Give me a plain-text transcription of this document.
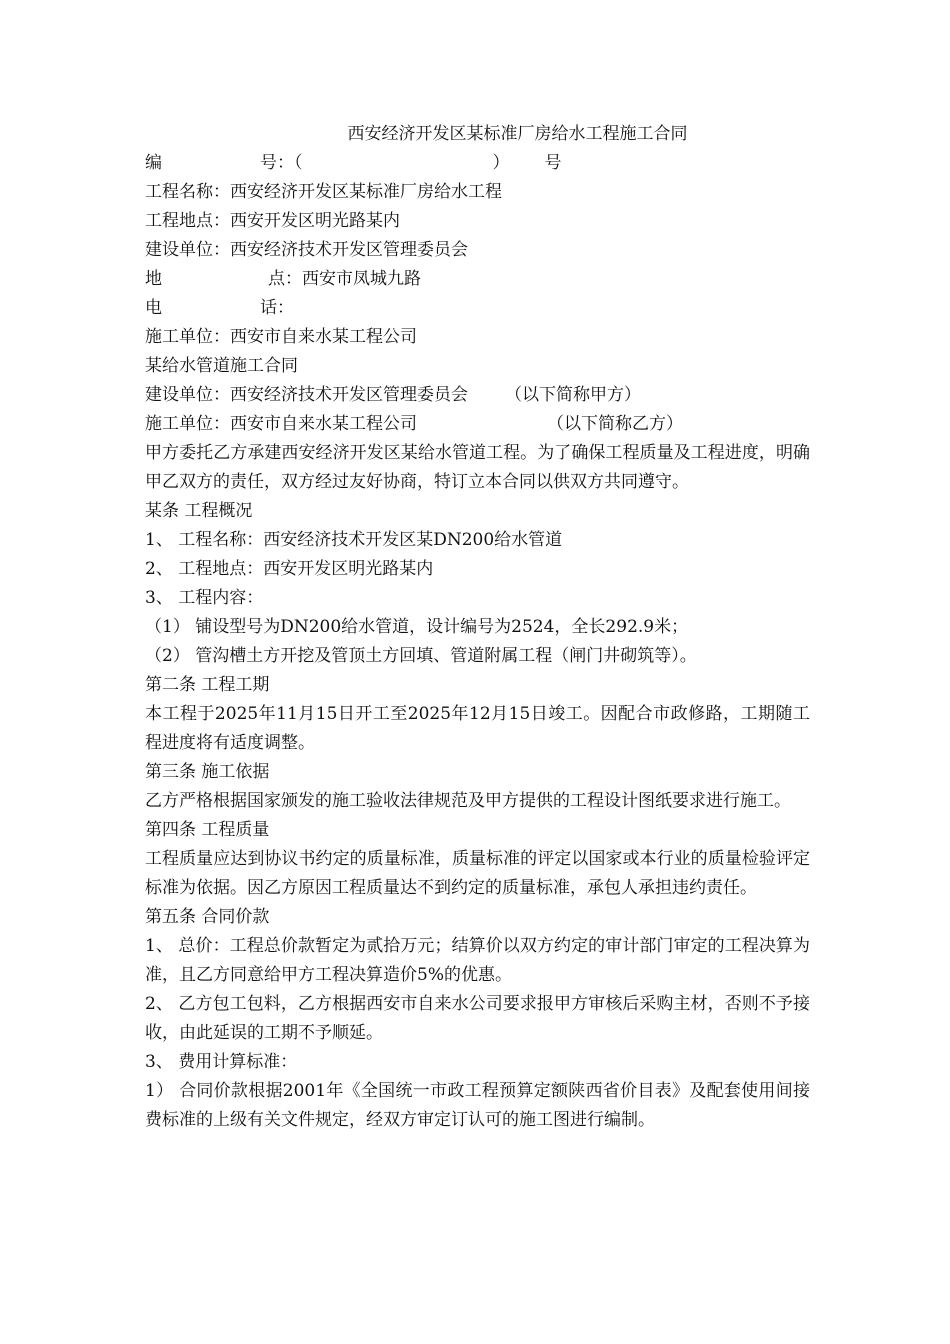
西安经济开发区某标准厂房给水工程施工合同
编	号：（	） 号
工程名称：西安经济开发区某标准厂房给水工程
工程地点：西安开发区明光路某内
建设单位：西安经济技术开发区管理委员会
地	点：西安市凤城九路
电	话：
施工单位：西安市自来水某工程公司
某给水管道施工合同
建设单位：西安经济技术开发区管理委员会 （以下简称甲方）
施工单位：西安市自来水某工程公司	（以下简称乙方）
甲方委托乙方承建西安经济开发区某给水管道工程。为了确保工程质量及工程进度，明确甲乙双方的责任，双方经过友好协商，特订立本合同以供双方共同遵守。
某条 工程概况
1、 工程名称：西安经济技术开发区某DN200给水管道
2、 工程地点：西安开发区明光路某内
3、 工程内容：
（1） 铺设型号为DN200给水管道，设计编号为2524，全长292.9米；
（2） 管沟槽土方开挖及管顶土方回填、管道附属工程（闸门井砌筑等）。
第二条 工程工期
本工程于2025年11月15日开工至2025年12月15日竣工。因配合市政修路，工期随工程进度将有适度调整。
第三条 施工依据
乙方严格根据国家颁发的施工验收法律规范及甲方提供的工程设计图纸要求进行施工。
第四条 工程质量
工程质量应达到协议书约定的质量标准，质量标准的评定以国家或本行业的质量检验评定标准为依据。因乙方原因工程质量达不到约定的质量标准，承包人承担违约责任。
第五条 合同价款
1、 总价：工程总价款暂定为贰拾万元；结算价以双方约定的审计部门审定的工程决算为准，且乙方同意给甲方工程决算造价5%的优惠。
2、 乙方包工包料，乙方根据西安市自来水公司要求报甲方审核后采购主材，否则不予接收，由此延误的工期不予顺延。
3、 费用计算标准：
1） 合同价款根据2001年《全国统一市政工程预算定额陕西省价目表》及配套使用间接费标准的上级有关文件规定，经双方审定订认可的施工图进行编制。
